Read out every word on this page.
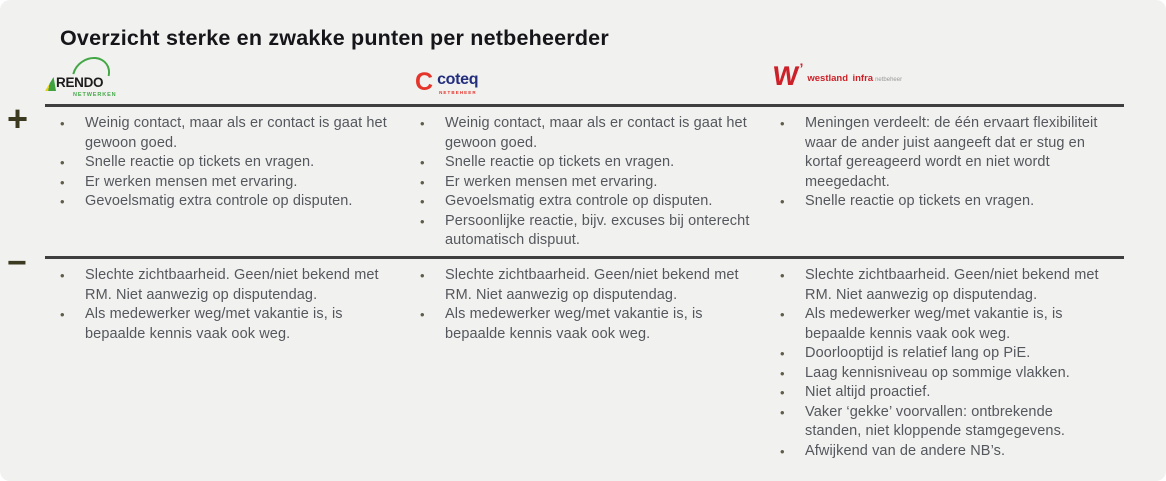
Overzicht sterke en zwakke punten per netbeheerder
RENDO
NETWERKEN	C coteq
NETBEHEER
W ’
westland infra netbeheer
+
−
• Weinig contact, maar als er contact is gaat het gewoon goed.
• Snelle reactie op tickets en vragen.
• Er werken mensen met ervaring.
• Gevoelsmatig extra controle op disputen.
• Weinig contact, maar als er contact is gaat het gewoon goed.
• Snelle reactie op tickets en vragen.
• Er werken mensen met ervaring.
• Gevoelsmatig extra controle op disputen.
• Persoonlijke reactie, bijv. excuses bij onterecht automatisch dispuut.
• Meningen verdeelt: de één ervaart flexibiliteit waar de ander juist aangeeft dat er stug en kortaf gereageerd wordt en niet wordt meegedacht.
• Snelle reactie op tickets en vragen.
• Slechte zichtbaarheid. Geen/niet bekend met RM. Niet aanwezig op disputendag.
• Als medewerker weg/met vakantie is, is bepaalde kennis vaak ook weg.
• Slechte zichtbaarheid. Geen/niet bekend met RM. Niet aanwezig op disputendag.
• Als medewerker weg/met vakantie is, is bepaalde kennis vaak ook weg.
• Slechte zichtbaarheid. Geen/niet bekend met RM. Niet aanwezig op disputendag.
• Als medewerker weg/met vakantie is, is bepaalde kennis vaak ook weg.
• Doorlooptijd is relatief lang op PiE.
• Laag kennisniveau op sommige vlakken.
• Niet altijd proactief.
• Vaker ‘gekke’ voorvallen: ontbrekende standen, niet kloppende stamgegevens.
• Afwijkend van de andere NB’s.
